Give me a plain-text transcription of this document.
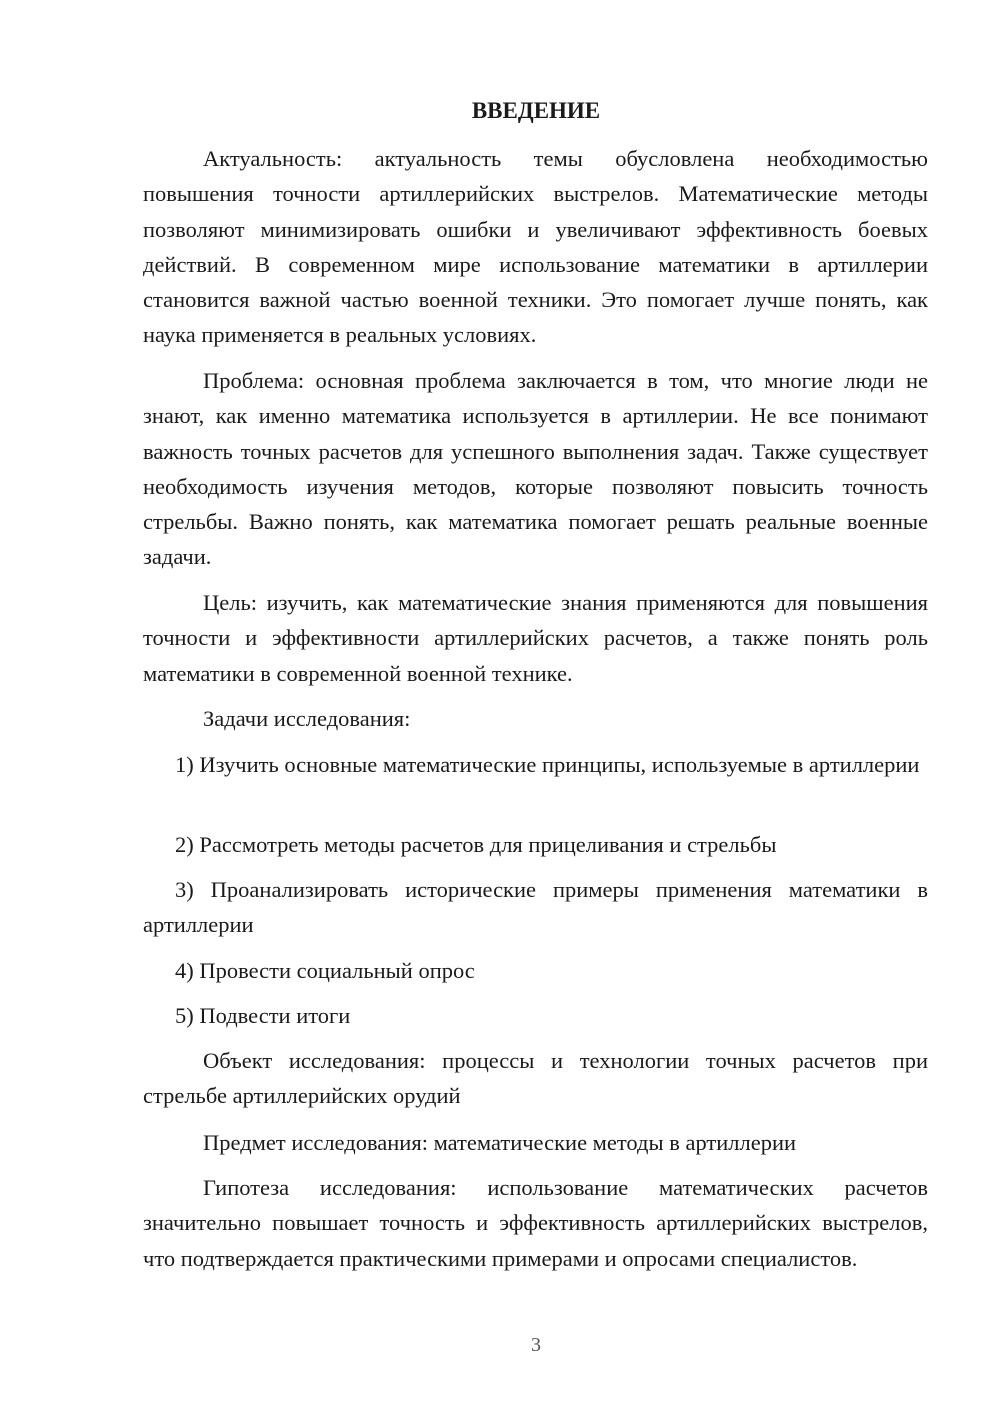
ВВЕДЕНИЕ

Актуальность: актуальность темы обусловлена необходимостью повышения точности артиллерийских выстрелов. Математические методы позволяют минимизировать ошибки и увеличивают эффективность боевых действий. В современном мире использование математики в артиллерии становится важной частью военной техники. Это помогает лучше понять, как наука применяется в реальных условиях.

Проблема: основная проблема заключается в том, что многие люди не знают, как именно математика используется в артиллерии. Не все понимают важность точных расчетов для успешного выполнения задач. Также существует необходимость изучения методов, которые позволяют повысить точность стрельбы. Важно понять, как математика помогает решать реальные военные задачи.

Цель: изучить, как математические знания применяются для повышения точности и эффективности артиллерийских расчетов, а также понять роль математики в современной военной технике.

Задачи исследования:

1) Изучить основные математические принципы, используемые в артиллерии

2) Рассмотреть методы расчетов для прицеливания и стрельбы

3) Проанализировать исторические примеры применения математики в артиллерии

4) Провести социальный опрос

5) Подвести итоги

Объект исследования: процессы и технологии точных расчетов при стрельбе артиллерийских орудий

Предмет исследования: математические методы в артиллерии

Гипотеза исследования: использование математических расчетов значительно повышает точность и эффективность артиллерийских выстрелов, что подтверждается практическими примерами и опросами специалистов.

3
